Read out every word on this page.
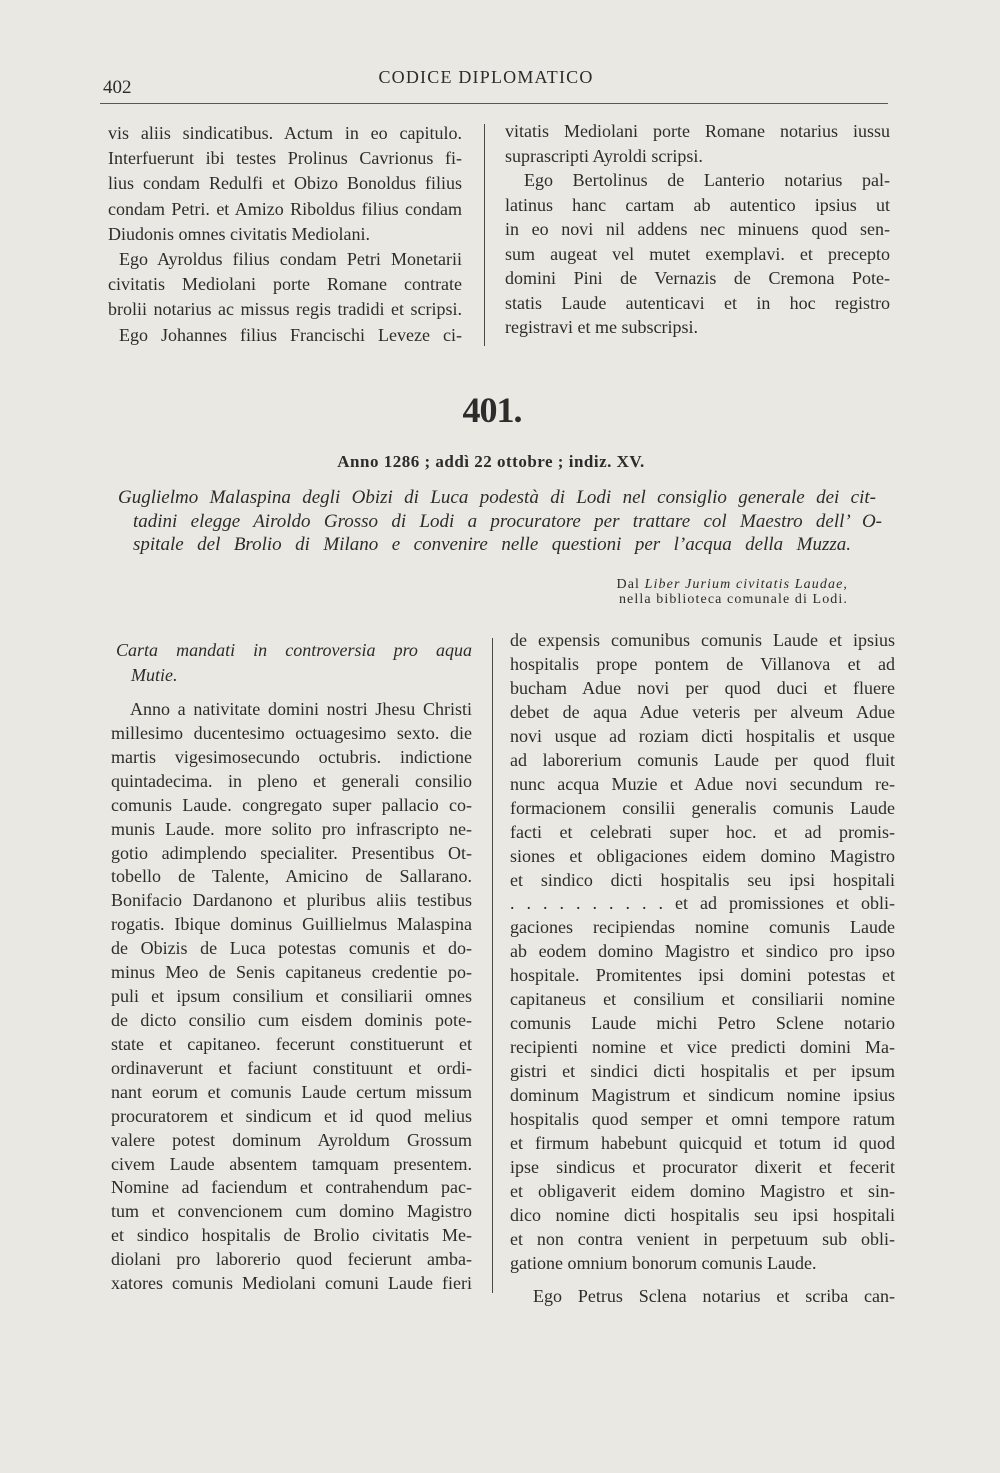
402	CODICE DIPLOMATICO
vis aliis sindicatibus. Actum in eo capitulo.
Interfuerunt ibi testes Prolinus Cavrionus fi-
lius condam Redulfi et Obizo Bonoldus filius
condam Petri. et Amizo Riboldus filius condam
Diudonis omnes civitatis Mediolani.
Ego Ayroldus filius condam Petri Monetarii
civitatis Mediolani porte Romane contrate
brolii notarius ac missus regis tradidi et scripsi.
Ego Johannes filius Francischi Leveze ci-
vitatis Mediolani porte Romane notarius iussu
suprascripti Ayroldi scripsi.
Ego Bertolinus de Lanterio notarius pal-
latinus hanc cartam ab autentico ipsius ut
in eo novi nil addens nec minuens quod sen-
sum augeat vel mutet exemplavi. et precepto
domini Pini de Vernazis de Cremona Pote-
statis Laude autenticavi et in hoc registro
registravi et me subscripsi.
401.
Anno 1286 ; addì 22 ottobre ; indiz. XV.
Guglielmo Malaspina degli Obizi di Luca podestà di Lodi nel consiglio generale dei cit-
tadini elegge Airoldo Grosso di Lodi a procuratore per trattare col Maestro dell’ O-
spitale del Brolio di Milano e convenire nelle questioni per l’acqua della Muzza.
Dal Liber Jurium civitatis Laudae,
nella biblioteca comunale di Lodi.
Carta mandati in controversia pro aqua
Mutie.
Anno a nativitate domini nostri Jhesu Christi
millesimo ducentesimo octuagesimo sexto. die
martis vigesimosecundo octubris. indictione
quintadecima. in pleno et generali consilio
comunis Laude. congregato super pallacio co-
munis Laude. more solito pro infrascripto ne-
gotio adimplendo specialiter. Presentibus Ot-
tobello de Talente, Amicino de Sallarano.
Bonifacio Dardanono et pluribus aliis testibus
rogatis. Ibique dominus Guillielmus Malaspina
de Obizis de Luca potestas comunis et do-
minus Meo de Senis capitaneus credentie po-
puli et ipsum consilium et consiliarii omnes
de dicto consilio cum eisdem dominis pote-
state et capitaneo. fecerunt constituerunt et
ordinaverunt et faciunt constituunt et ordi-
nant eorum et comunis Laude certum missum
procuratorem et sindicum et id quod melius
valere potest dominum Ayroldum Grossum
civem Laude absentem tamquam presentem.
Nomine ad faciendum et contrahendum pac-
tum et convencionem cum domino Magistro
et sindico hospitalis de Brolio civitatis Me-
diolani pro laborerio quod fecierunt amba-
xatores comunis Mediolani comuni Laude fieri
de expensis comunibus comunis Laude et ipsius
hospitalis prope pontem de Villanova et ad
bucham Adue novi per quod duci et fluere
debet de aqua Adue veteris per alveum Adue
novi usque ad roziam dicti hospitalis et usque
ad laborerium comunis Laude per quod fluit
nunc acqua Muzie et Adue novi secundum re-
formacionem consilii generalis comunis Laude
facti et celebrati super hoc. et ad promis-
siones et obligaciones eidem domino Magistro
et sindico dicti hospitalis seu ipsi hospitali
. . . . . . . . . . et ad promissiones et obli-
gaciones recipiendas nomine comunis Laude
ab eodem domino Magistro et sindico pro ipso
hospitale. Promitentes ipsi domini potestas et
capitaneus et consilium et consiliarii nomine
comunis Laude michi Petro Sclene notario
recipienti nomine et vice predicti domini Ma-
gistri et sindici dicti hospitalis et per ipsum
dominum Magistrum et sindicum nomine ipsius
hospitalis quod semper et omni tempore ratum
et firmum habebunt quicquid et totum id quod
ipse sindicus et procurator dixerit et fecerit
et obligaverit eidem domino Magistro et sin-
dico nomine dicti hospitalis seu ipsi hospitali
et non contra venient in perpetuum sub obli-
gatione omnium bonorum comunis Laude.
Ego Petrus Sclena notarius et scriba can-
